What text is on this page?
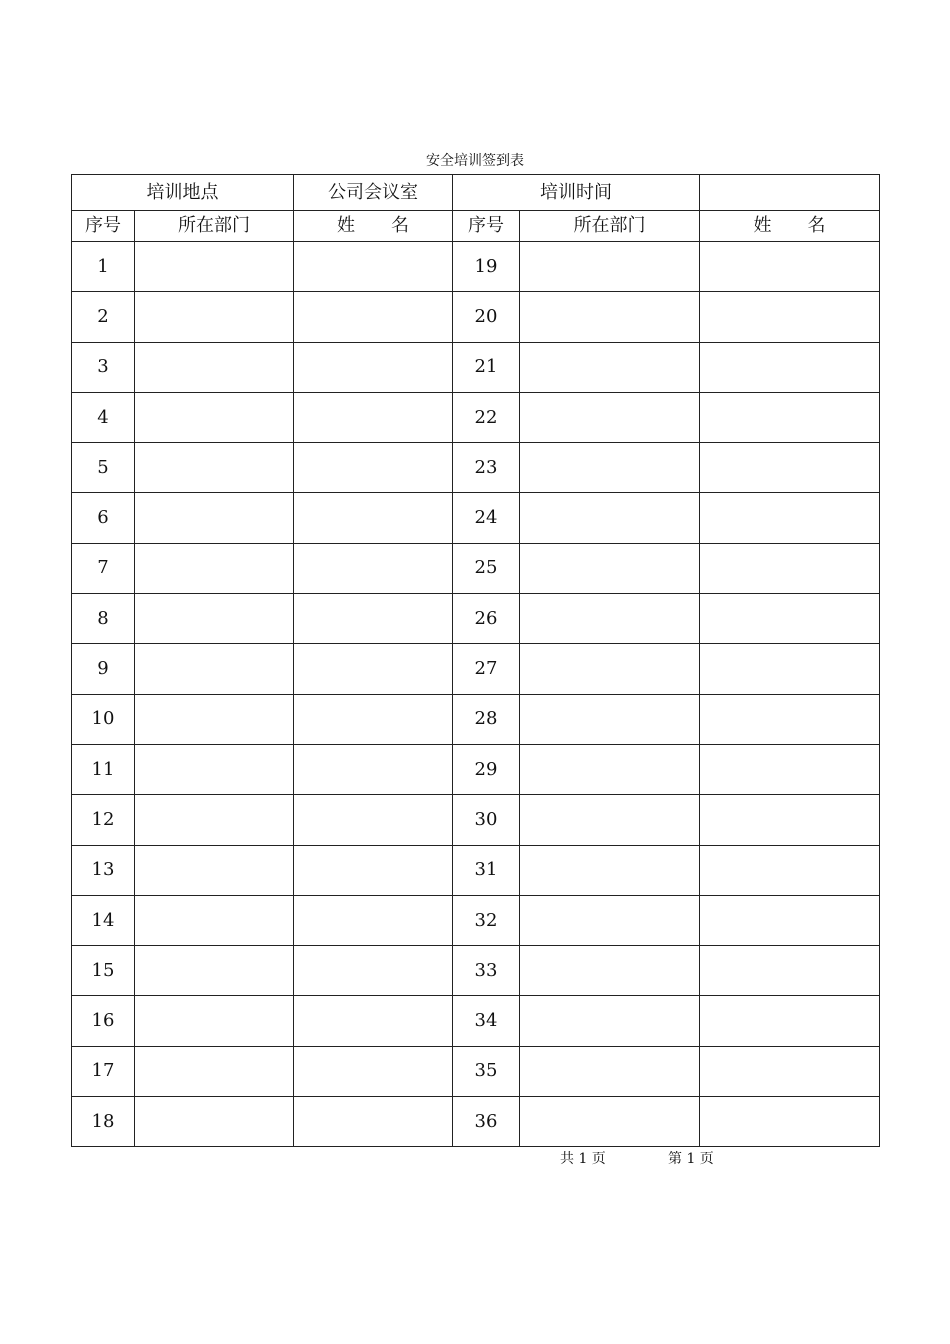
安全培训签到表
培训地点		公司会议室	培训时间		
序号	所在部门	姓　　名	序号	所在部门	姓　　名
1			19		
2			20		
3			21		
4			22		
5			23		
6			24		
7			25		
8			26		
9			27		
10			28		
11			29		
12			30		
13			31		
14			32		
15			33		
16			34		
17			35		
18			36		
共 1 页	第 1 页
